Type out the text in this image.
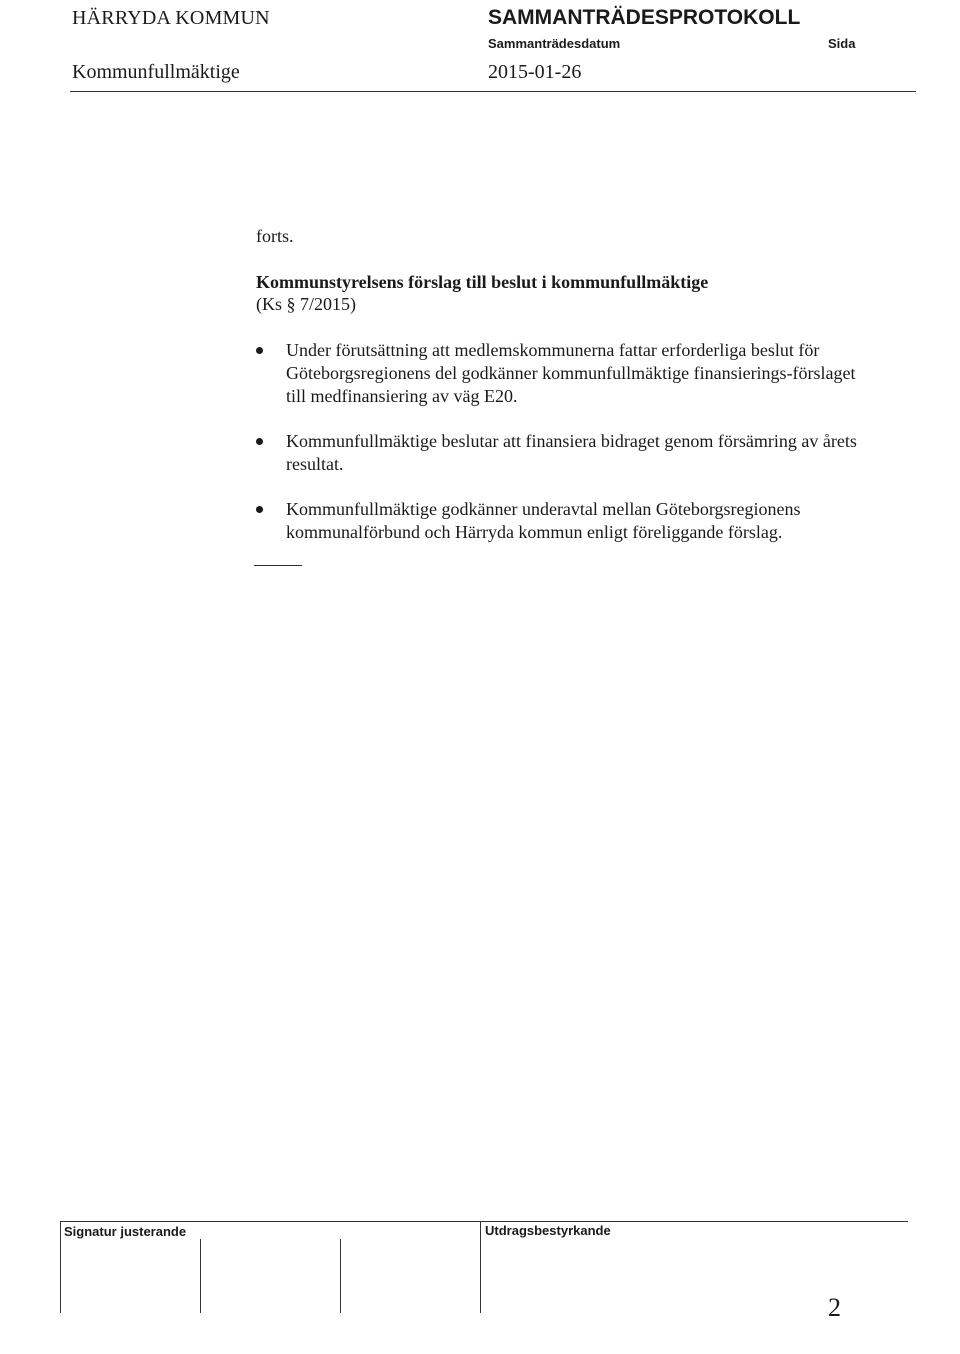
HÄRRYDA KOMMUN
Kommunfullmäktige
SAMMANTRÄDESPROTOKOLL
Sammanträdesdatum	Sida
2015-01-26
forts.
Kommunstyrelsens förslag till beslut i kommunfullmäktige
(Ks § 7/2015)
Under förutsättning att medlemskommunerna fattar erforderliga beslut för Göteborgsregionens del godkänner kommunfullmäktige finansierings-förslaget till medfinansiering av väg E20.
Kommunfullmäktige beslutar att finansiera bidraget genom försämring av årets resultat.
Kommunfullmäktige godkänner underavtal mellan Göteborgsregionens kommunalförbund och Härryda kommun enligt föreliggande förslag.
Signatur justerande	Utdragsbestyrkande
2
